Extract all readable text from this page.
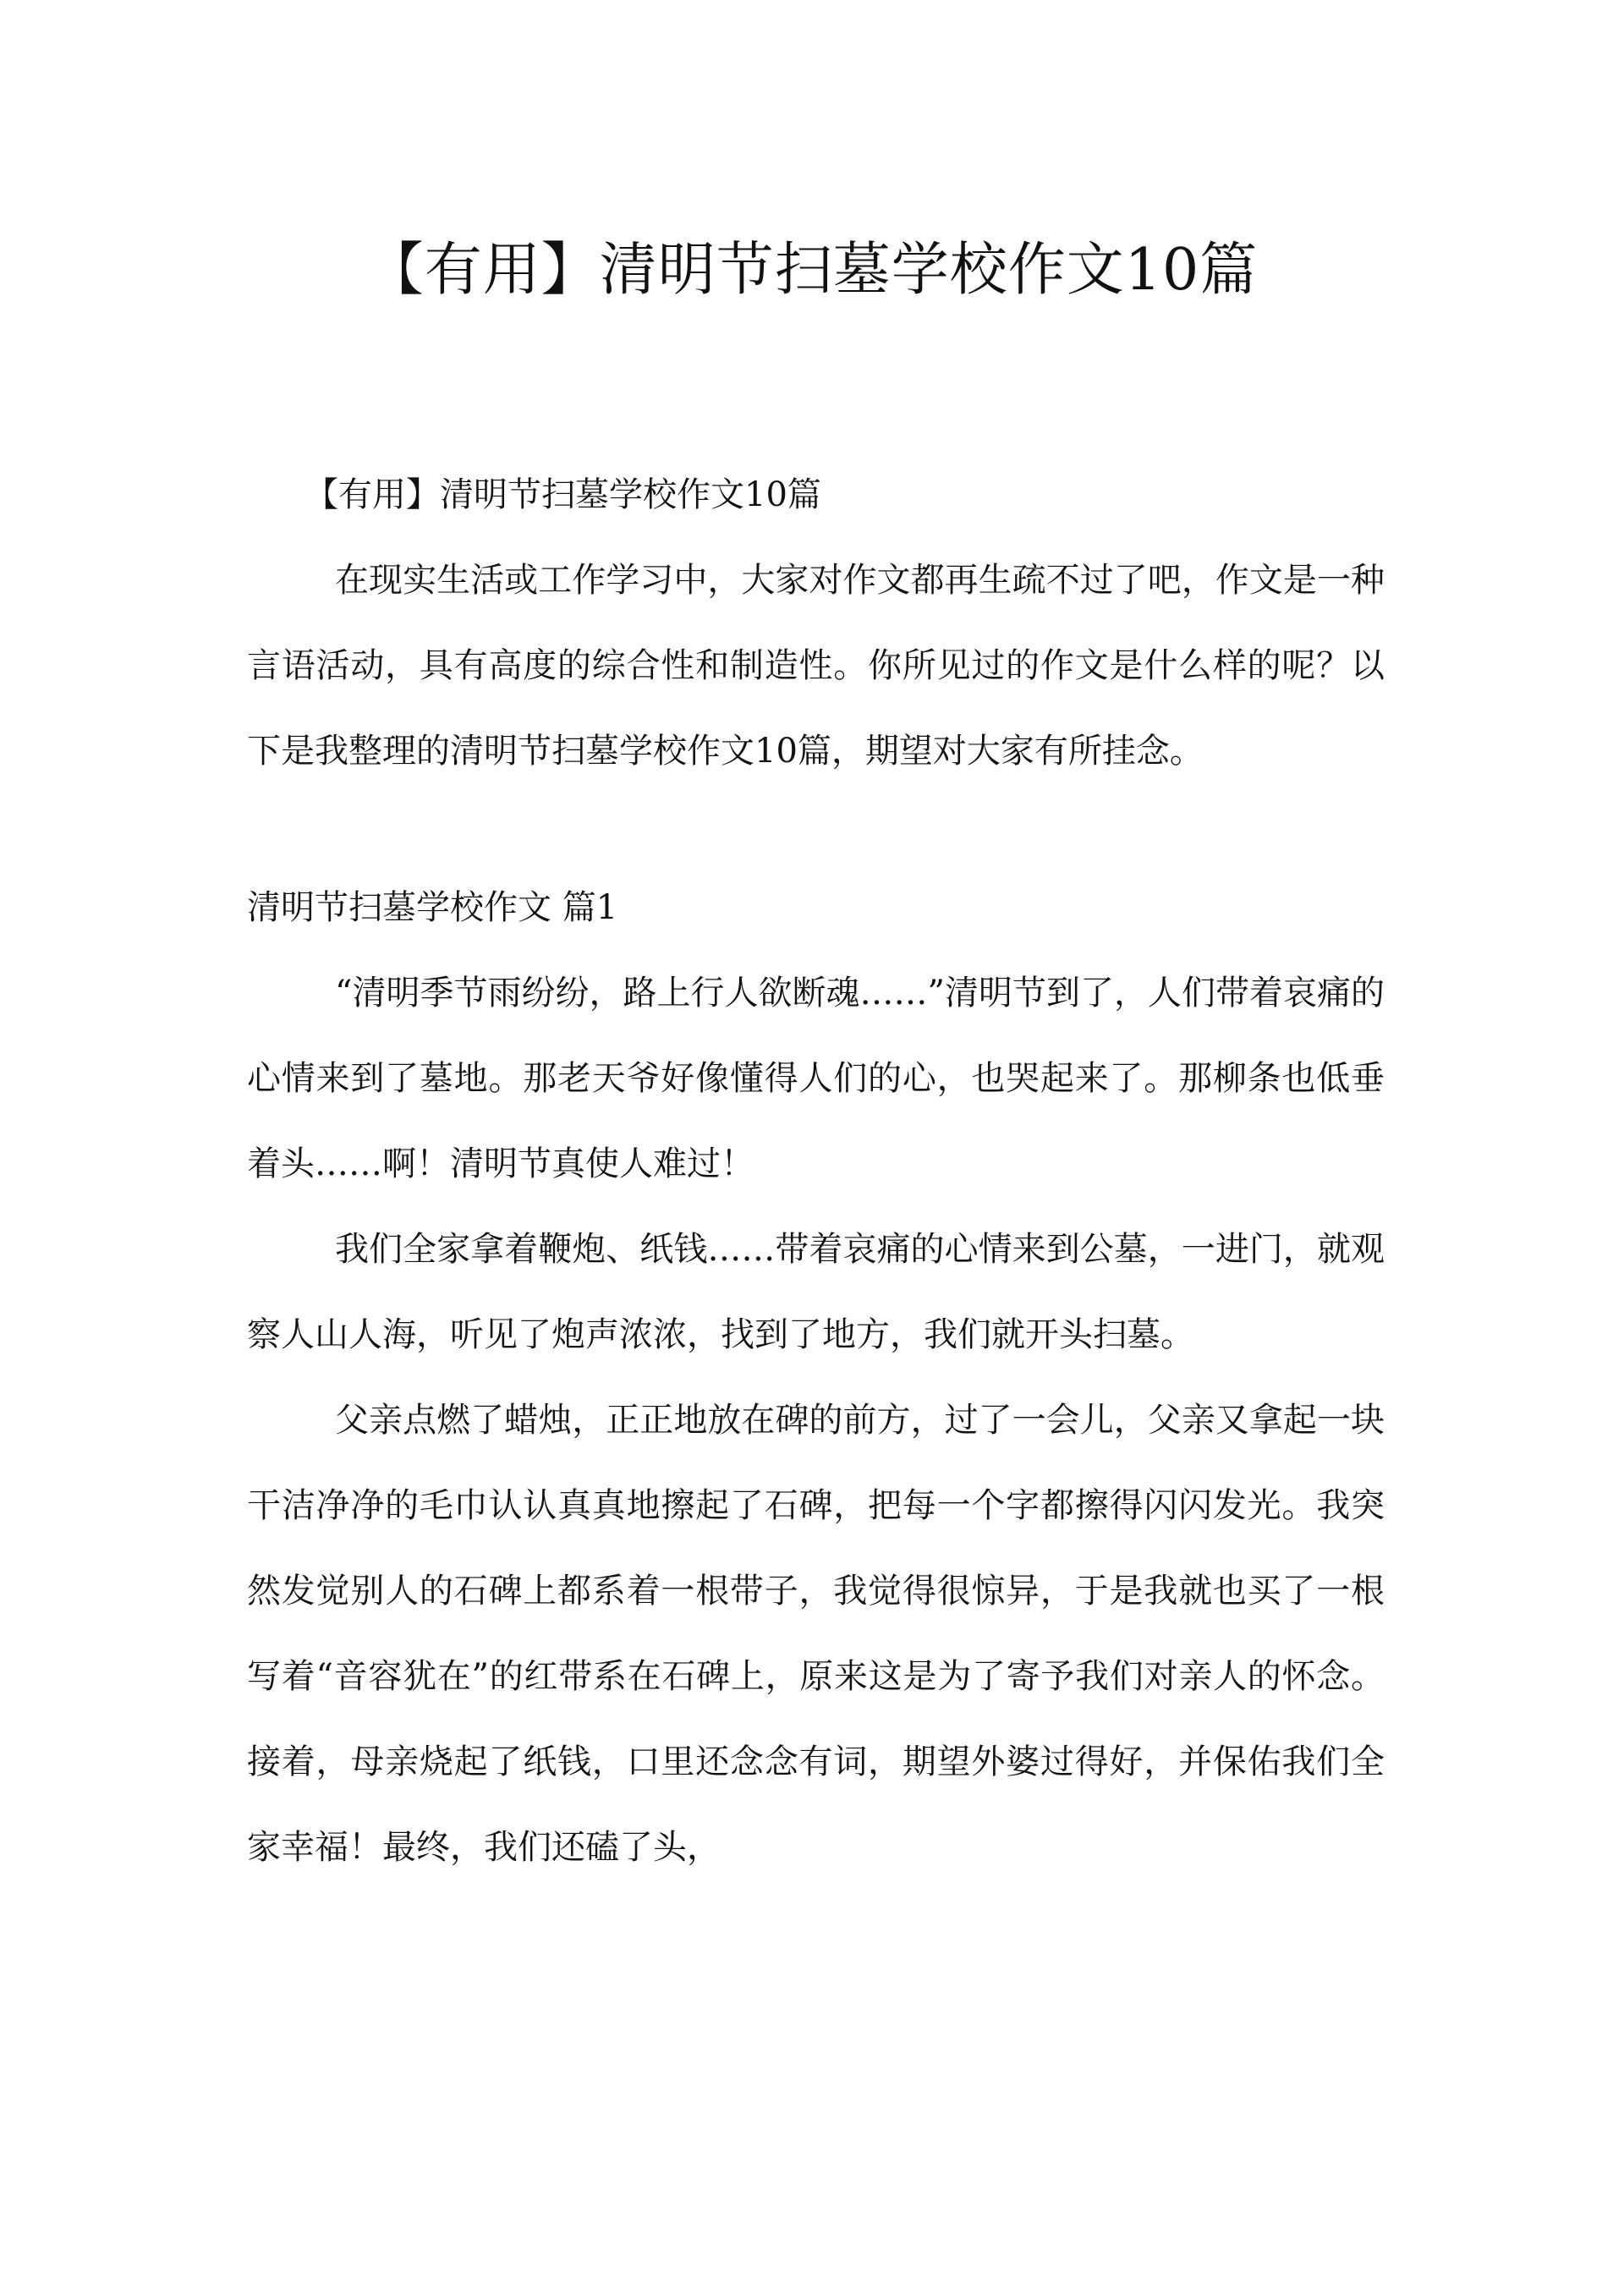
【有用】清明节扫墓学校作文10篇

【有用】清明节扫墓学校作文10篇

在现实生活或工作学习中，大家对作文都再生疏不过了吧，作文是一种言语活动，具有高度的综合性和制造性。你所见过的作文是什么样的呢？以下是我整理的清明节扫墓学校作文10篇，期望对大家有所挂念。

清明节扫墓学校作文 篇1

“清明季节雨纷纷，路上行人欲断魂……”清明节到了，人们带着哀痛的心情来到了墓地。那老天爷好像懂得人们的心，也哭起来了。那柳条也低垂着头……啊！清明节真使人难过！

我们全家拿着鞭炮、纸钱……带着哀痛的心情来到公墓，一进门，就观察人山人海，听见了炮声浓浓，找到了地方，我们就开头扫墓。

父亲点燃了蜡烛，正正地放在碑的前方，过了一会儿，父亲又拿起一块干洁净净的毛巾认认真真地擦起了石碑，把每一个字都擦得闪闪发光。我突然发觉别人的石碑上都系着一根带子，我觉得很惊异，于是我就也买了一根写着“音容犹在”的红带系在石碑上，原来这是为了寄予我们对亲人的怀念。接着，母亲烧起了纸钱，口里还念念有词，期望外婆过得好，并保佑我们全家幸福！最终，我们还磕了头，
